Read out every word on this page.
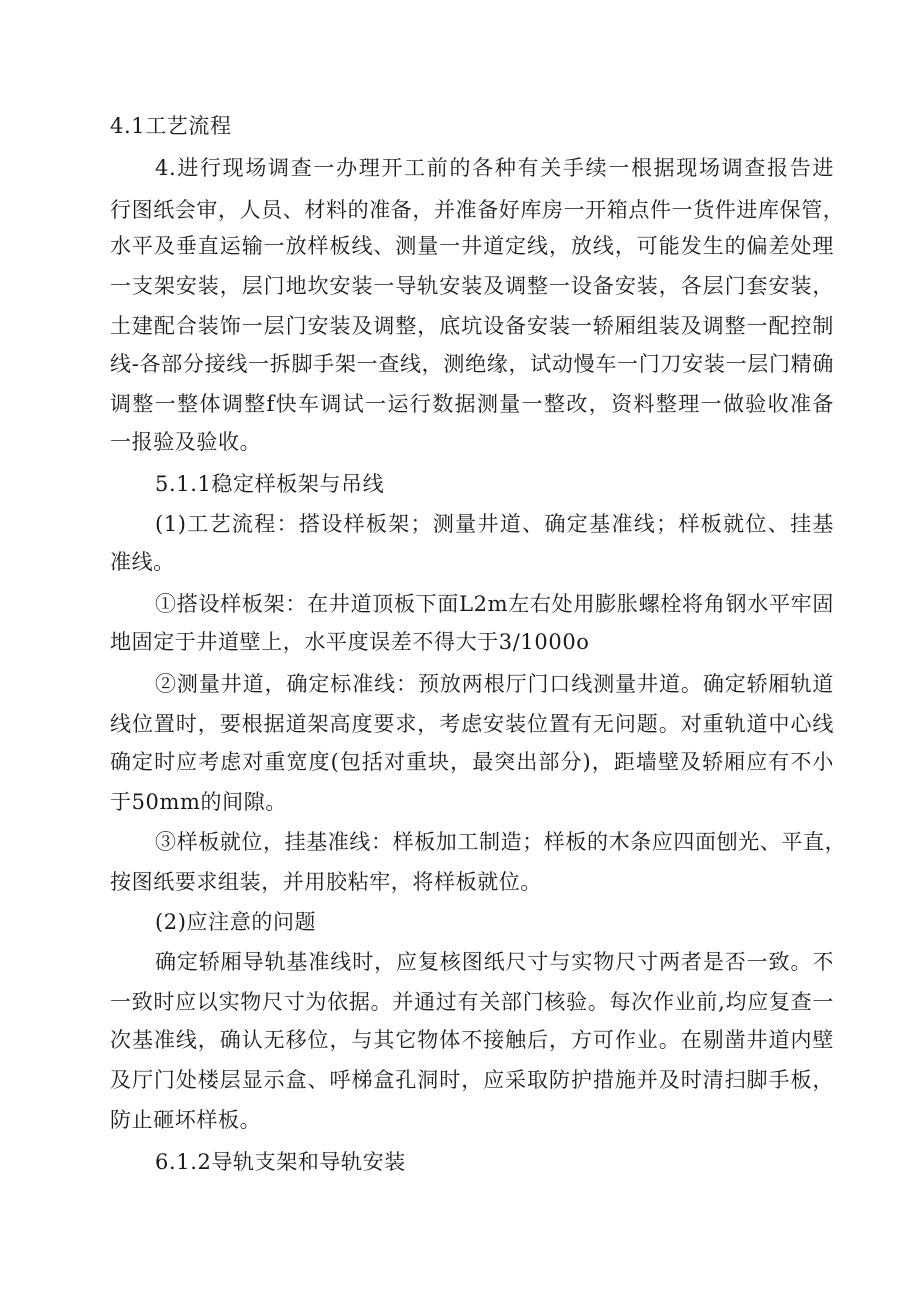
4.1工艺流程
4.进行现场调查一办理开工前的各种有关手续一根据现场调查报告进
行图纸会审，人员、材料的准备，并准备好库房一开箱点件一货件进库保管，
水平及垂直运输一放样板线、测量一井道定线，放线，可能发生的偏差处理
一支架安装，层门地坎安装一导轨安装及调整一设备安装，各层门套安装，
土建配合装饰一层门安装及调整，底坑设备安装一轿厢组装及调整一配控制
线-各部分接线一拆脚手架一查线，测绝缘，试动慢车一门刀安装一层门精确
调整一整体调整f快车调试一运行数据测量一整改，资料整理一做验收准备
一报验及验收。
5.1.1稳定样板架与吊线
(1)工艺流程：搭设样板架；测量井道、确定基准线；样板就位、挂基
准线。
①搭设样板架：在井道顶板下面L2m左右处用膨胀螺栓将角钢水平牢固
地固定于井道壁上，水平度误差不得大于3/1000o
②测量井道，确定标准线：预放两根厅门口线测量井道。确定轿厢轨道
线位置时，要根据道架高度要求，考虑安装位置有无问题。对重轨道中心线
确定时应考虑对重宽度(包括对重块，最突出部分)，距墙壁及轿厢应有不小
于50mm的间隙。
③样板就位，挂基准线：样板加工制造；样板的木条应四面刨光、平直，
按图纸要求组装，并用胶粘牢，将样板就位。
(2)应注意的问题
确定轿厢导轨基准线时，应复核图纸尺寸与实物尺寸两者是否一致。不
一致时应以实物尺寸为依据。并通过有关部门核验。每次作业前,均应复查一
次基准线，确认无移位，与其它物体不接触后，方可作业。在剔凿井道内壁
及厅门处楼层显示盒、呼梯盒孔洞时，应采取防护措施并及时清扫脚手板，
防止砸坏样板。
6.1.2导轨支架和导轨安装
